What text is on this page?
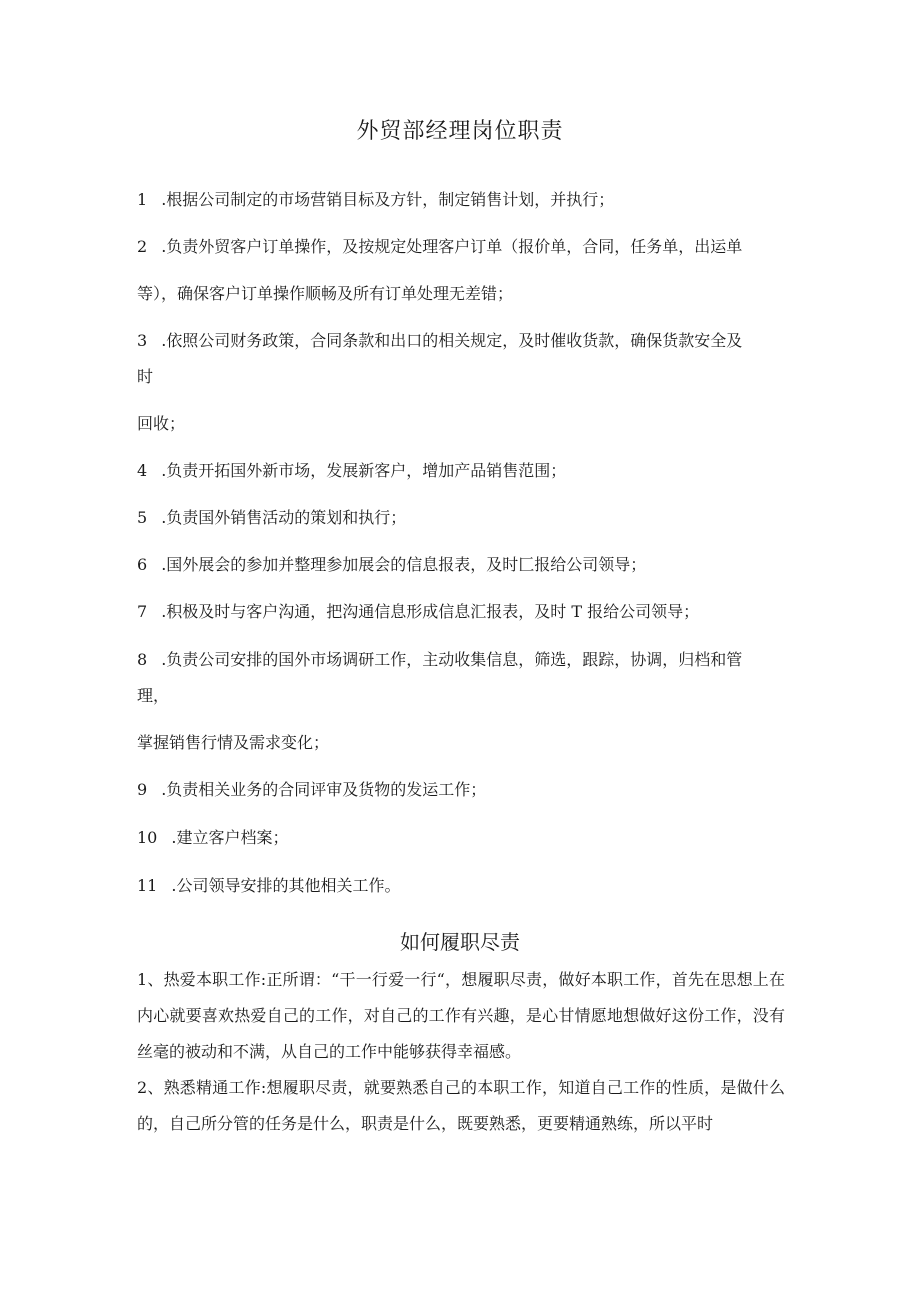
外贸部经理岗位职责
1 .根据公司制定的市场营销目标及方针，制定销售计划，并执行；
2 .负责外贸客户订单操作，及按规定处理客户订单（报价单，合同，任务单，出运单
等），确保客户订单操作顺畅及所有订单处理无差错；
3 .依照公司财务政策，合同条款和出口的相关规定，及时催收货款，确保货款安全及
时
回收；
4 .负责开拓国外新市场，发展新客户，增加产品销售范围；
5 .负责国外销售活动的策划和执行；
6 .国外展会的参加并整理参加展会的信息报表，及时匚报给公司领导；
7 .积极及时与客户沟通，把沟通信息形成信息汇报表，及时 T 报给公司领导；
8 .负责公司安排的国外市场调研工作，主动收集信息，筛选，跟踪，协调，归档和管
理，
掌握销售行情及需求变化；
9 .负责相关业务的合同评审及货物的发运工作；
10 .建立客户档案；
11 .公司领导安排的其他相关工作。
如何履职尽责

1、热爱本职工作:正所谓：“干一行爱一行“，想履职尽责，做好本职工作，首先在思想上在内心就要喜欢热爱自己的工作，对自己的工作有兴趣，是心甘情愿地想做好这份工作，没有丝毫的被动和不满，从自己的工作中能够获得幸福感。

2、熟悉精通工作:想履职尽责，就要熟悉自己的本职工作，知道自己工作的性质，是做什么的，自己所分管的任务是什么，职责是什么，既要熟悉，更要精通熟练，所以平时
